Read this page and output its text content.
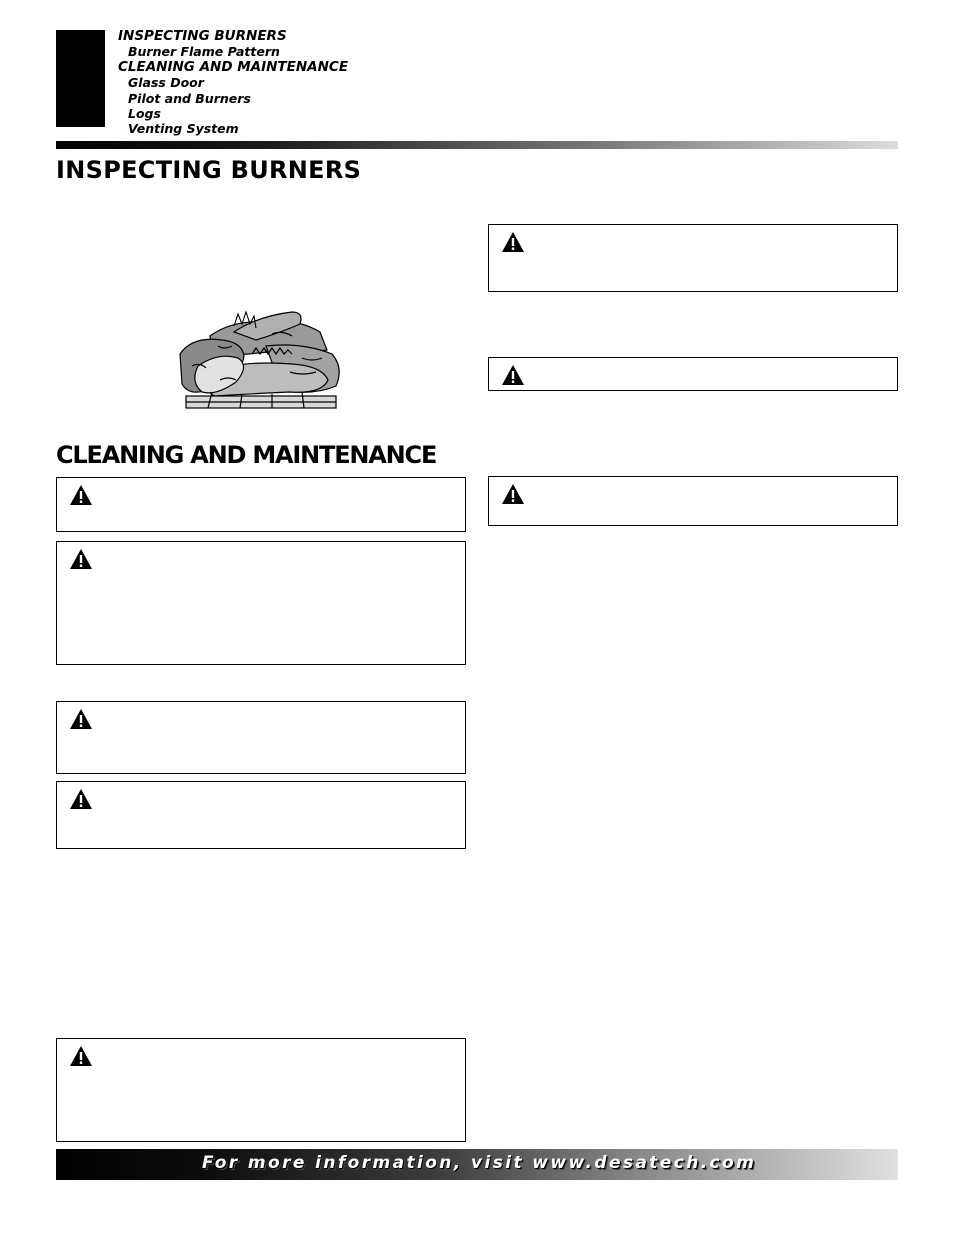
INSPECTING BURNERS
Burner Flame Pattern
CLEANING AND MAINTENANCE
Glass Door
Pilot and Burners
Logs
Venting System
INSPECTING BURNERS
CLEANING AND MAINTENANCE
For more information, visit www.desatech.com
